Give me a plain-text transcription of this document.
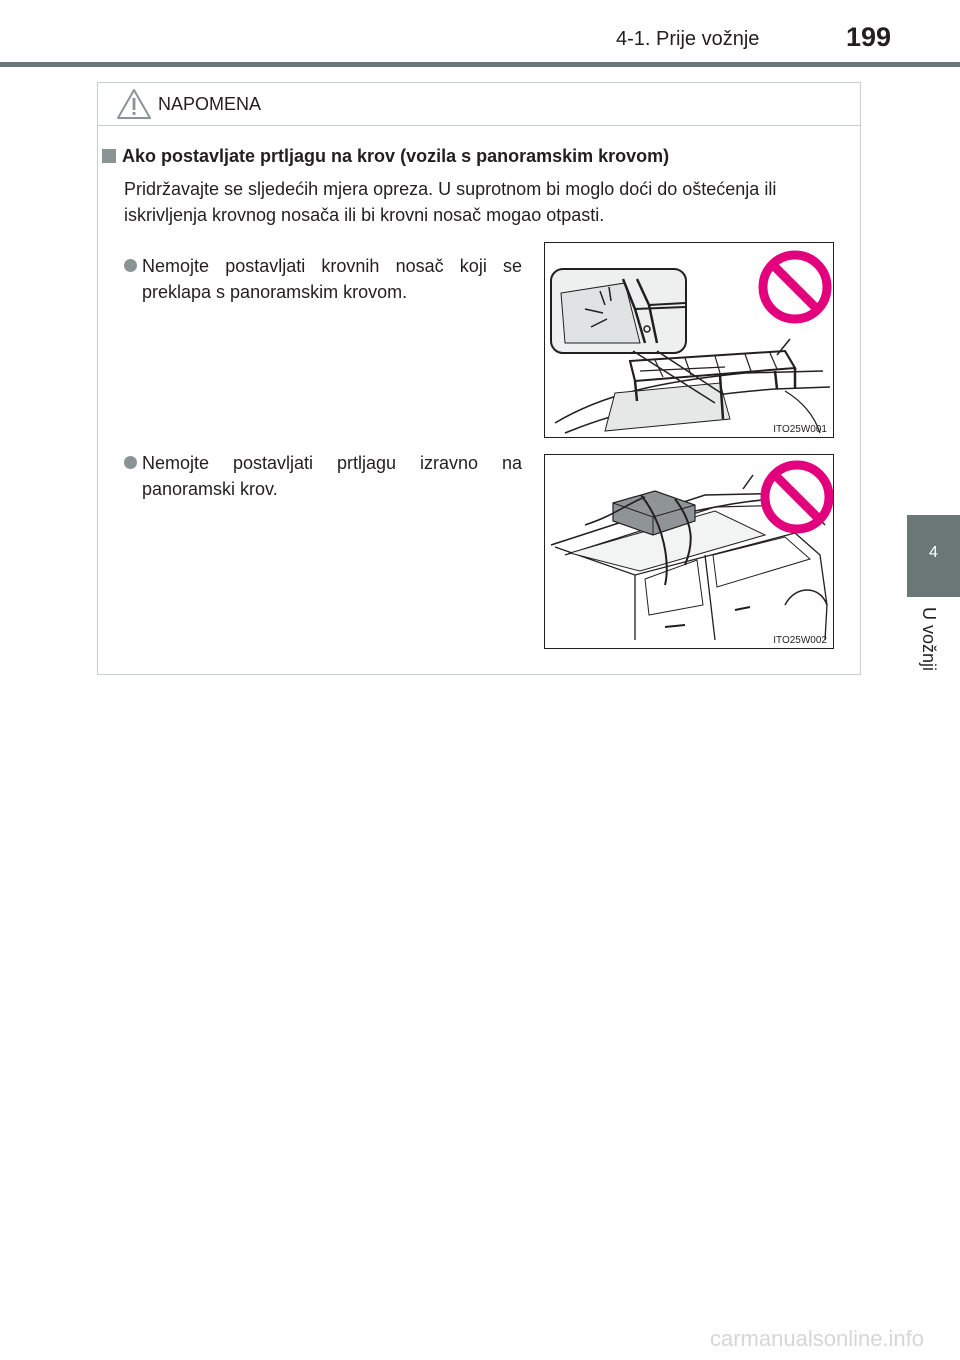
4-1. Prije vožnje	199
4
U vožnji
NAPOMENA
Ako postavljate prtljagu na krov (vozila s panoramskim krovom)
Pridržavajte se sljedećih mjera opreza. U suprotnom bi moglo doći do oštećenja ili iskrivljenja krovnog nosača ili bi krovni nosač mogao otpasti.
Nemojte postavljati krovnih nosač koji se preklapa s panoramskim krovom.
ITO25W001
Nemojte postavljati prtljagu izravno na panoramski krov.
ITO25W002
carmanualsonline.info
